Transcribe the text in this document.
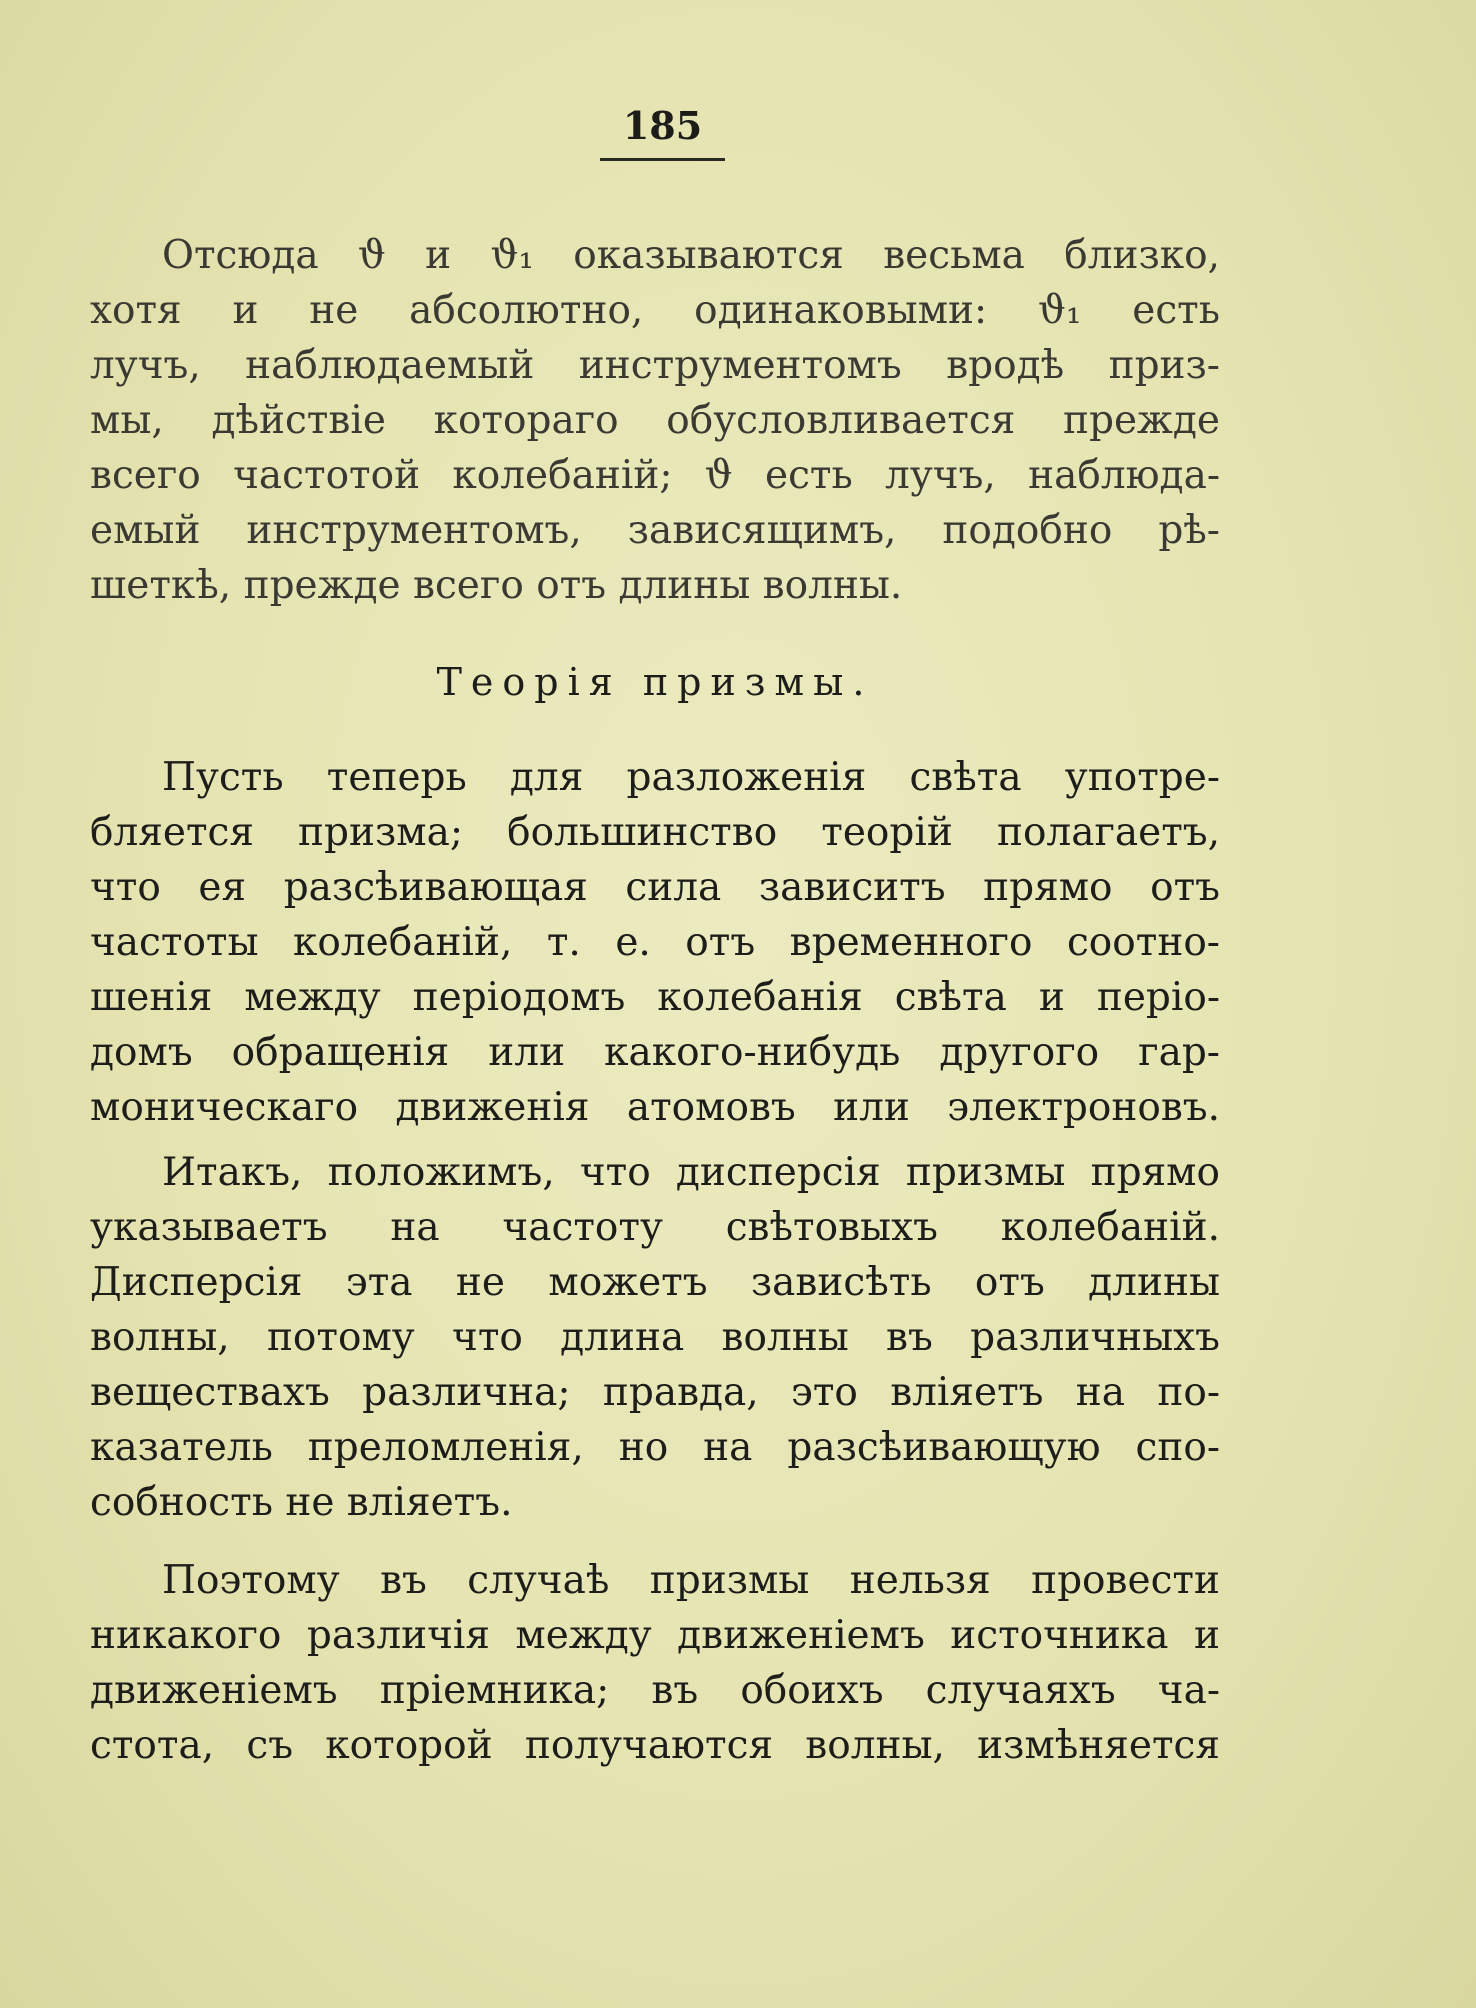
185
Отсюда ϑ и ϑ₁ оказываются весьма близко,
хотя и не абсолютно, одинаковыми: ϑ₁ есть
лучъ, наблюдаемый инструментомъ вродѣ приз-
мы, дѣйствіе котораго обусловливается прежде
всего частотой колебаній; ϑ есть лучъ, наблюда-
емый инструментомъ, зависящимъ, подобно рѣ-
шеткѣ, прежде всего отъ длины волны.
Теорія призмы.
Пусть теперь для разложенія свѣта употре-
бляется призма; большинство теорій полагаетъ,
что ея разсѣивающая сила зависитъ прямо отъ
частоты колебаній, т. е. отъ временного соотно-
шенія между періодомъ колебанія свѣта и періо-
домъ обращенія или какого-нибудь другого гар-
моническаго движенія атомовъ или электроновъ.
Итакъ, положимъ, что дисперсія призмы прямо
указываетъ на частоту свѣтовыхъ колебаній.
Дисперсія эта не можетъ зависѣть отъ длины
волны, потому что длина волны въ различныхъ
веществахъ различна; правда, это вліяетъ на по-
казатель преломленія, но на разсѣивающую спо-
собность не вліяетъ.
Поэтому въ случаѣ призмы нельзя провести
никакого различія между движеніемъ источника и
движеніемъ пріемника; въ обоихъ случаяхъ ча-
стота, съ которой получаются волны, измѣняется
